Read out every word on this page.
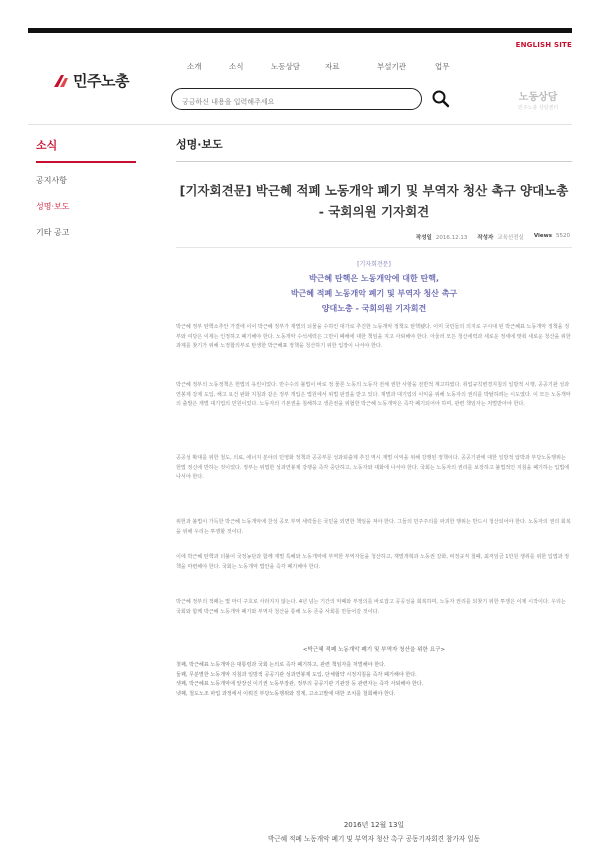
ENGLISH SITE
민주노총
소개	소식	노동상담	자료	부설기관	업무
궁금하신 내용을 입력해주세요
노동상담
민주노총 상담센터
소식
공지사항
성명·보도
기타 공고
성명·보도
[기자회견문] 박근혜 적폐 노동개악 폐기 및 부역자 청산 촉구 양대노총
- 국회의원 기자회견
작성일 2016.12.13 작성자 교육선전실 Views 5520
[기자회견문]
박근혜 탄핵은 노동개악에 대한 탄핵,
박근혜 적폐 노동개악 폐기 및 부역자 청산 촉구
양대노총 - 국회의원 기자회견

박근혜 정부 탄핵소추안 가결에 이어 박근혜 정부가 재벌의 뇌물을 수하인 대가로 추진한 노동개악 정책도 탄핵됐다. 이미 국민들의 의지로 구시대 된 박근혜표 노동개악 정책을 정부와 여당은 이제는 인정하고 폐기해야 한다. 노동개악 수석세력은 그만이 폐해에 대한 책임을 지고 사퇴해야 한다. 아울러 모든 청산세력과 새로운 정세에 맞춰 새로운 청산을 위한 과제를 찾기가 위해 노정합의부로 탄생한 박근혜표 정책을 청산하기 위한 입장이 나서야 한다.

박근혜 정부의 노동정책은 헌법의 유린이었다. 반수수의 불법이 바로 정 물론 노동의 노동자 전체 권한 사항을 전반적 계고하였다. 취업규칙변경지침의 일방적 시행, 공공기관 성과연봉제 강제 도입, 해고 요건 완화 지침과 같은 정부 개입은 법원에서 위법 판결을 받고 있다. 재벌과 대기업의 이익을 위해 노동자의 권리를 박탈하려는 시도였다. 이 모든 노동개악의 출발은 재벌 대기업의 민원이었다. 노동자의 기본권을 침해하고 생존권을 위협한 박근혜 노동개악은 즉각 폐기되어야 하며, 관련 책임자는 처벌받아야 한다.

공공성 확대를 위한 철도, 의료, 에너지 분야의 민영화 정책과 공공부문 성과퇴출제 추진 역시 재벌 이익을 위해 강행된 정책이다. 공공기관에 대한 일방적 압박과 부당노동행위는 헌법 정신에 반하는 것이었다. 정부는 위법한 성과연봉제 강행을 즉각 중단하고, 노동자와 대화에 나서야 한다. 국회는 노동자의 권리를 보장하고 불법적인 지침을 폐기하는 입법에 나서야 한다.

위헌과 불법이 가득한 박근혜 노동개악에 찬성 공모 부역 세력들은 국민을 외면한 책임을 져야 한다. 그들의 민주주의를 파괴한 행위는 반드시 청산되어야 한다. 노동자의 권리 회복을 위해 우리는 투쟁할 것이다.

이에 박근혜 탄핵과 더불어 국정농단과 함께 재벌 특혜와 노동개악에 부역한 부역자들을 청산하고, 재벌개혁과 노동권 강화, 비정규직 철폐, 최저임금 1만원 쟁취를 위한 입법과 정책을 마련해야 한다. 국회는 노동개악 법안을 즉각 폐기해야 한다.

박근혜 정부의 적폐는 몇 마디 구호로 사라지지 않는다. 4년 넘는 기간의 악폐와 부정의를 바로잡고 공공성을 회복하며, 노동자 권리를 되찾기 위한 투쟁은 이제 시작이다. 우리는 국회와 함께 박근혜 노동개악 폐기와 부역자 청산을 통해 노동 존중 사회를 만들어갈 것이다.

<박근혜 적폐 노동개악 폐기 및 부역자 청산을 위한 요구>

첫째, 박근혜표 노동개악은 대통령과 국회 논의로 즉각 폐기하고, 관련 책임자를 처벌해야 한다.

둘째, 무분별한 노동개악 지침과 일방적 공공기관 성과연봉제 도입, 단체협약 시정지침을 즉각 폐기해야 한다.

셋째, 박근혜표 노동개악에 앞장선 이기권 노동부장관, 정부의 공공기관 기관장 등 관련자는 즉각 사퇴해야 한다.

넷째, 철도노조 파업 과정에서 이뤄진 부당노동행위와 징계, 고소고발에 대한 조치를 철회해야 한다.

2016년 12월 13일
박근혜 적폐 노동개악 폐기 및 부역자 청산 촉구 공동기자회견 참가자 일동
